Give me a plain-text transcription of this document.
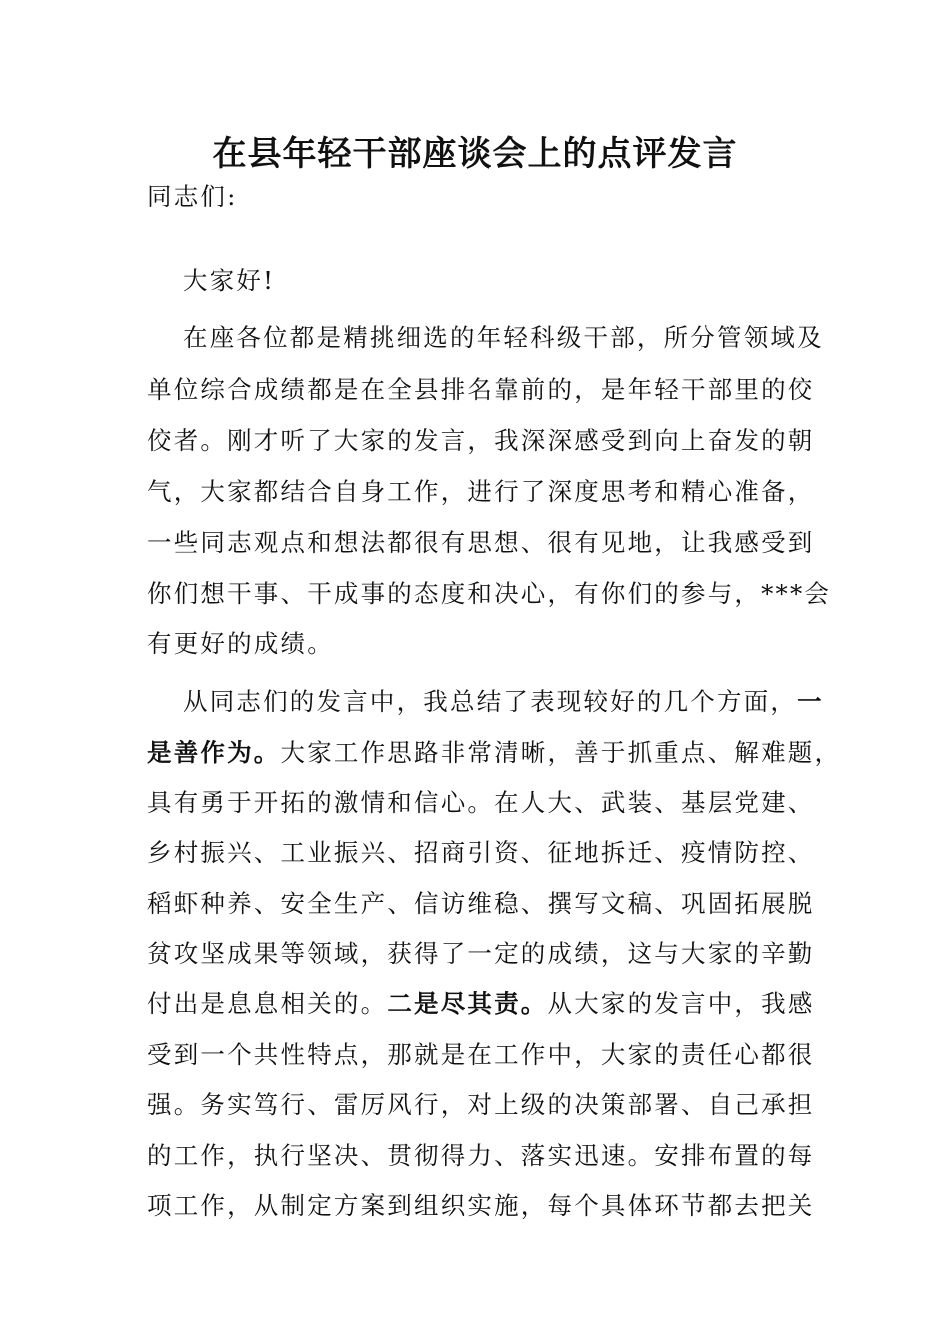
在县年轻干部座谈会上的点评发言
同志们:
大家好!
在座各位都是精挑细选的年轻科级干部，所分管领域及
单位综合成绩都是在全县排名靠前的，是年轻干部里的佼
佼者。刚才听了大家的发言，我深深感受到向上奋发的朝
气，大家都结合自身工作，进行了深度思考和精心准备，
一些同志观点和想法都很有思想、很有见地，让我感受到
你们想干事、干成事的态度和决心，有你们的参与，***会
有更好的成绩。
从同志们的发言中，我总结了表现较好的几个方面，一
是善作为。大家工作思路非常清晰，善于抓重点、解难题，
具有勇于开拓的激情和信心。在人大、武装、基层党建、
乡村振兴、工业振兴、招商引资、征地拆迁、疫情防控、
稻虾种养、安全生产、信访维稳、撰写文稿、巩固拓展脱
贫攻坚成果等领域，获得了一定的成绩，这与大家的辛勤
付出是息息相关的。二是尽其责。从大家的发言中，我感
受到一个共性特点，那就是在工作中，大家的责任心都很
强。务实笃行、雷厉风行，对上级的决策部署、自己承担
的工作，执行坚决、贯彻得力、落实迅速。安排布置的每
项工作，从制定方案到组织实施，每个具体环节都去把关
